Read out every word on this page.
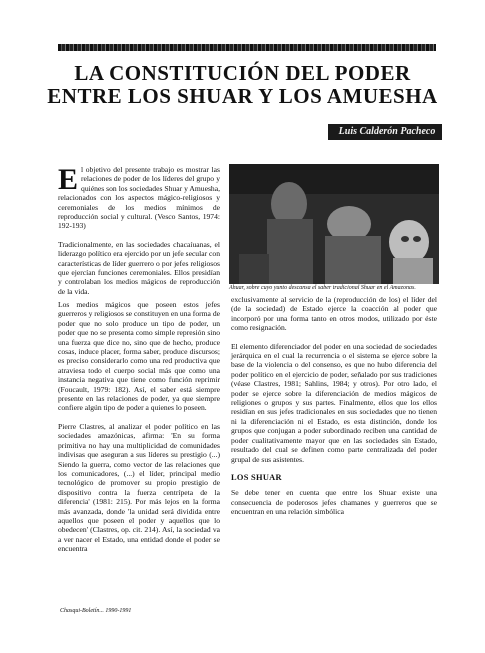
LA CONSTITUCIÓN DEL PODER
ENTRE LOS SHUAR Y LOS AMUESHA
Luis Calderón Pacheco

El objetivo del presente trabajo es mostrar las relaciones de poder de los líderes del grupo y quiénes son los sociedades Shuar y Amuesha, relacionados con los aspectos mágico-religiosos y ceremoniales de los medios mínimos de reproducción social y cultural. (Vesco Santos, 1974: 192-193)

Tradicionalmente, en las sociedades chacaíuanas, el liderazgo político era ejercido por un jefe secular con características de líder guerrero o por jefes religiosos que ejercían funciones ceremoniales. Ellos presidían y controlaban los medios mágicos de reproducción de la vida.	Ahuar, sobre cuyo yunto descansa el saber tradicional Shuar en el Amazonas.

Los medios mágicos que poseen estos jefes guerreros y religiosos se constituyen en una forma de poder que no solo produce un tipo de poder, un poder que no se presenta como simple represión sino una fuerza que dice no, sino que de hecho, produce cosas, induce placer, forma saber, produce discursos; es preciso considerarlo como una red productiva que atraviesa todo el cuerpo social más que como una instancia negativa que tiene como función reprimir (Foucault, 1979: 182). Así, el saber está siempre presente en las relaciones de poder, ya que siempre confiere algún tipo de poder a quienes lo poseen.

Pierre Clastres, al analizar el poder político en las sociedades amazónicas, afirma: 'En su forma primitiva no hay una multiplicidad de comunidades indivisas que aseguran a sus líderes su prestigio (...) Siendo la guerra, como vector de las relaciones que los comunicadores, (...) el líder, principal medio tecnológico de promover su propio prestigio de dispositivo contra la fuerza centrípeta de la diferencia' (1981: 215). Por más lejos en la forma más avanzada, donde 'la unidad será dividida entre aquellos que poseen el poder y aquellos que lo obedecen' (Clastres, op. cit. 214). Así, la sociedad va a ver nacer el Estado, una entidad donde el poder se encuentra

exclusivamente al servicio de la (reproducción de los) el líder del (de la sociedad) de Estado ejerce la coacción al poder que incorporó por una forma tanto en otros modos, utilizado por éste como resignación.

El elemento diferenciador del poder en una sociedad de sociedades jerárquica en el cual la recurrencia o el sistema se ejerce sobre la base de la violencia o del consenso, es que no hubo diferencia del poder político en el ejercicio de poder, señalado por sus tradiciones (véase Clastres, 1981; Sahlins, 1984; y otros). Por otro lado, el poder se ejerce sobre la diferenciación de medios mágicos de religiones o grupos y sus partes. Finalmente, ellos que los ellos residían en sus jefes tradicionales en sus sociedades que no tienen ni la diferenciación ni el Estado, es esta distinción, donde los grupos que conjugan a poder subordinado reciben una cantidad de poder cualitativamente mayor que en las sociedades sin Estado, resultado del cual se definen como parte centralizada del poder grupal de sus asistentes.

LOS SHUAR

Se debe tener en cuenta que entre los Shuar existe una consecuencia de poderosos jefes chamanes y guerreros que se encuentran en una relación simbólica

Chasqui-Boletín... 1990-1991
